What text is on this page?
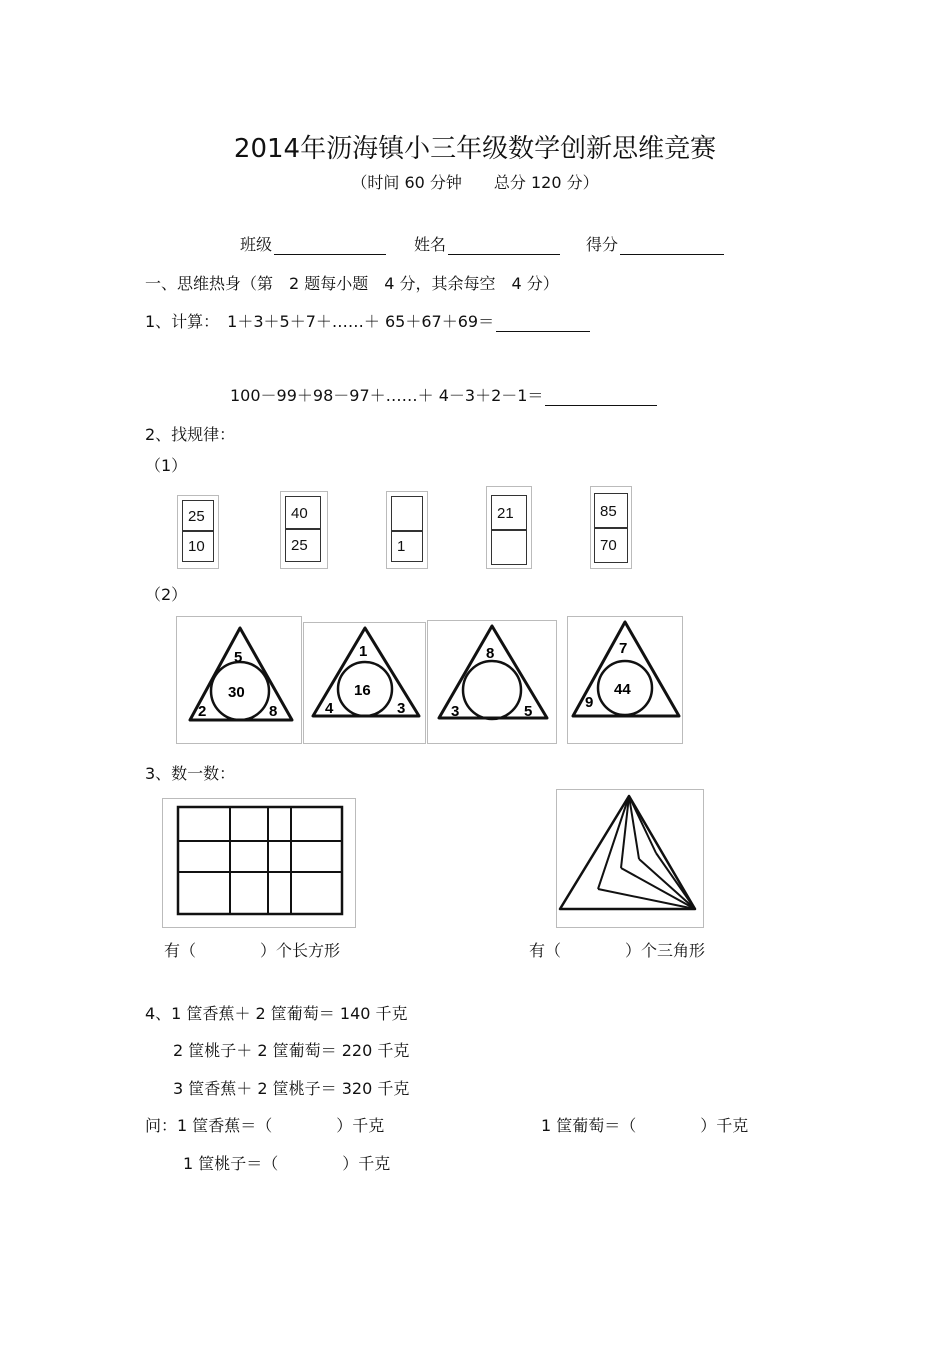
2014年沥海镇小三年级数学创新思维竞赛
（时间 60 分钟　　总分 120 分）
班级	姓名	得分
一、思维热身（第　2 题每小题　4 分，其余每空　4 分）
1、计算：　1＋3＋5＋7＋……＋ 65＋67＋69＝
100－99＋98－97＋……＋ 4－3＋2－1＝
2、找规律：
（1）
25
10
40
25	1
21	85
70
（2）
5
30
2	8
1
16
4	3
8
3	5
7
44
9
3、数一数：
有（　　　　）个长方形	有（　　　　）个三角形
4、1 筐香蕉＋ 2 筐葡萄＝ 140 千克
2 筐桃子＋ 2 筐葡萄＝ 220 千克
3 筐香蕉＋ 2 筐桃子＝ 320 千克
问：1 筐香蕉＝（　　　　）千克	1 筐葡萄＝（　　　　）千克
1 筐桃子＝（　　　　）千克
